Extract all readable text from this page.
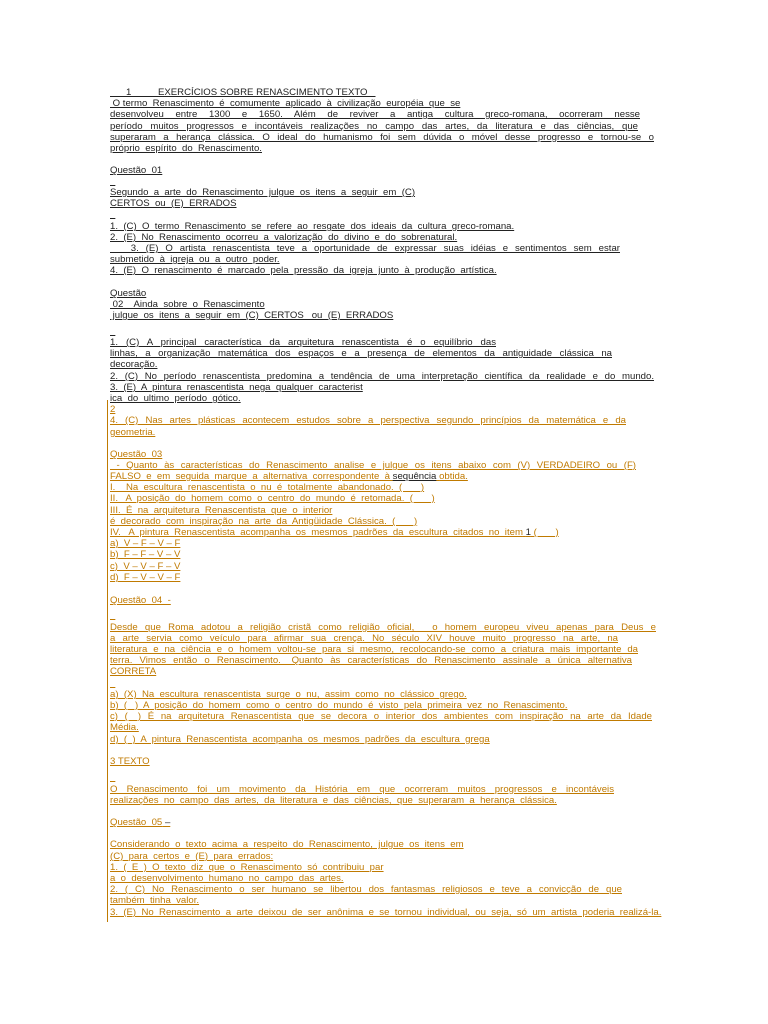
1          EXERCÍCIOS SOBRE RENASCIMENTO TEXTO
O termo  Renascimento  é  comumente  aplicado  à  civilização  européia  que  se
desenvolveu  entre  1300  e  1650.  Além  de  reviver  a  antiga  cultura  greco-romana,  ocorreram  nesse
período  muitos  progressos  e  incontáveis  realizações  no  campo  das  artes,  da  literatura  e  das  ciências,  que
superaram  a  herança  clássica.  O  ideal  do  humanismo  foi  sem  dúvida  o  móvel  desse  progresso  e  tornou-se  o
próprio  espírito  do  Renascimento.
Questão  01

Segundo  a  arte  do  Renascimento  julgue  os  itens  a  seguir  em  (C)
CERTOS  ou  (E)  ERRADOS

1.  (C)  O  termo  Renascimento  se  refere  ao  resgate  dos  ideais  da  cultura  greco-romana.
2.  (E)  No  Renascimento  ocorreu  a  valorização  do  divino  e  do  sobrenatural.
3.  (E)  O  artista  renascentista  teve  a  oportunidade  de  expressar  suas  idéias  e  sentimentos  sem  estar
submetido  à  igreja  ou  a  outro  poder.
4.  (E)  O  renascimento  é  marcado  pela  pressão  da  igreja  junto  à  produção  artística.
Questão
02    Ainda  sobre  o  Renascimento
julgue  os  itens  a  seguir  em  (C)  CERTOS   ou  (E)  ERRADOS

1.  (C)  A  principal  característica  da  arquitetura  renascentista  é  o  equilíbrio  das
linhas,  a  organização  matemática  dos  espaços  e  a  presença  de  elementos  da  antiguidade  clássica  na
decoração.
2.  (C)  No  período  renascentista  predomina  a  tendência  de  uma  interpretação  científica  da  realidade  e  do  mundo.
3.  (E)  A  pintura  renascentista  nega  qualquer  caracterist
ica  do  ultimo  período  gótico.
2
4.  (C)  Nas  artes  plásticas  acontecem  estudos  sobre  a  perspectiva  segundo  princípios  da  matemática  e  da
geometria.
Questão  03
-  Quanto  às  características  do  Renascimento  analise  e  julgue  os  itens  abaixo  com  (V)  VERDADEIRO  ou  (F)
FALSO  e  em  seguida  marque  a  alternativa  correspondente  à sequência obtida.
I.    Na  escultura  renascentista  o  nu  é  totalmente  abandonado.  (       )
II.   A  posição  do  homem  como  o  centro  do  mundo  é  retomada.  (       )
III.  É  na  arquitetura  Renascentista  que  o  interior
é  decorado  com  inspiração  na  arte  da  Antigüidade  Clássica.  (       )
IV.   A  pintura  Renascentista  acompanha  os  mesmos  padrões  da  escultura  citados  no  item 1 (       )
a)  V – F – V – F
b)  F – F – V – V
c)  V – V – F – V
d)  F – V – V – F
Questão  04  -

Desde  que  Roma  adotou  a  religião  cristã  como  religião  oficial,     o  homem  europeu  viveu  apenas  para  Deus  e
a  arte  servia  como  veículo  para  afirmar  sua  crença.  No  século  XIV  houve  muito  progresso  na  arte,  na
literatura  e  na  ciência  e  o  homem  voltou-se  para  si  mesmo,  recolocando-se  como  a  criatura  mais  importante  da
terra.  Vimos  então  o  Renascimento.   Quanto  às  características  do  Renascimento  assinale  a  única  alternativa
CORRETA

a)  (X)  Na  escultura  renascentista  surge  o  nu,  assim  como  no  clássico  grego.
b)  (   )  A  posição  do  homem  como  o  centro  do  mundo  é  visto  pela  primeira  vez  no  Renascimento.
c)  (   )  É  na  arquitetura  Renascentista  que  se  decora  o  interior  dos  ambientes  com  inspiração  na  arte  da  Idade
Média.
d)  (  )  A  pintura  Renascentista  acompanha  os  mesmos  padrões  da  escultura  grega
3 TEXTO

O  Renascimento  foi  um  movimento  da  História  em  que  ocorreram  muitos  progressos  e  incontáveis
realizações  no  campo  das  artes,  da  literatura  e  das  ciências,  que  superaram  a  herança  clássica.
Questão  05 –
Considerando  o  texto  acima  a  respeito  do  Renascimento,  julgue  os  itens  em
(C)  para  certos  e  (E)  para  errados:
1.  (  E  )  O  texto  diz  que  o  Renascimento  só  contribuiu  par
a  o  desenvolvimento  humano  no  campo  das  artes.
2.  (  C)  No  Renascimento  o  ser  humano  se  libertou  dos  fantasmas  religiosos  e  teve  a  convicção  de  que
também  tinha  valor.
3.  (E)  No  Renascimento  a  arte  deixou  de  ser  anônima  e  se  tornou  individual,  ou  seja,  só  um  artista  poderia  realizá-la.
